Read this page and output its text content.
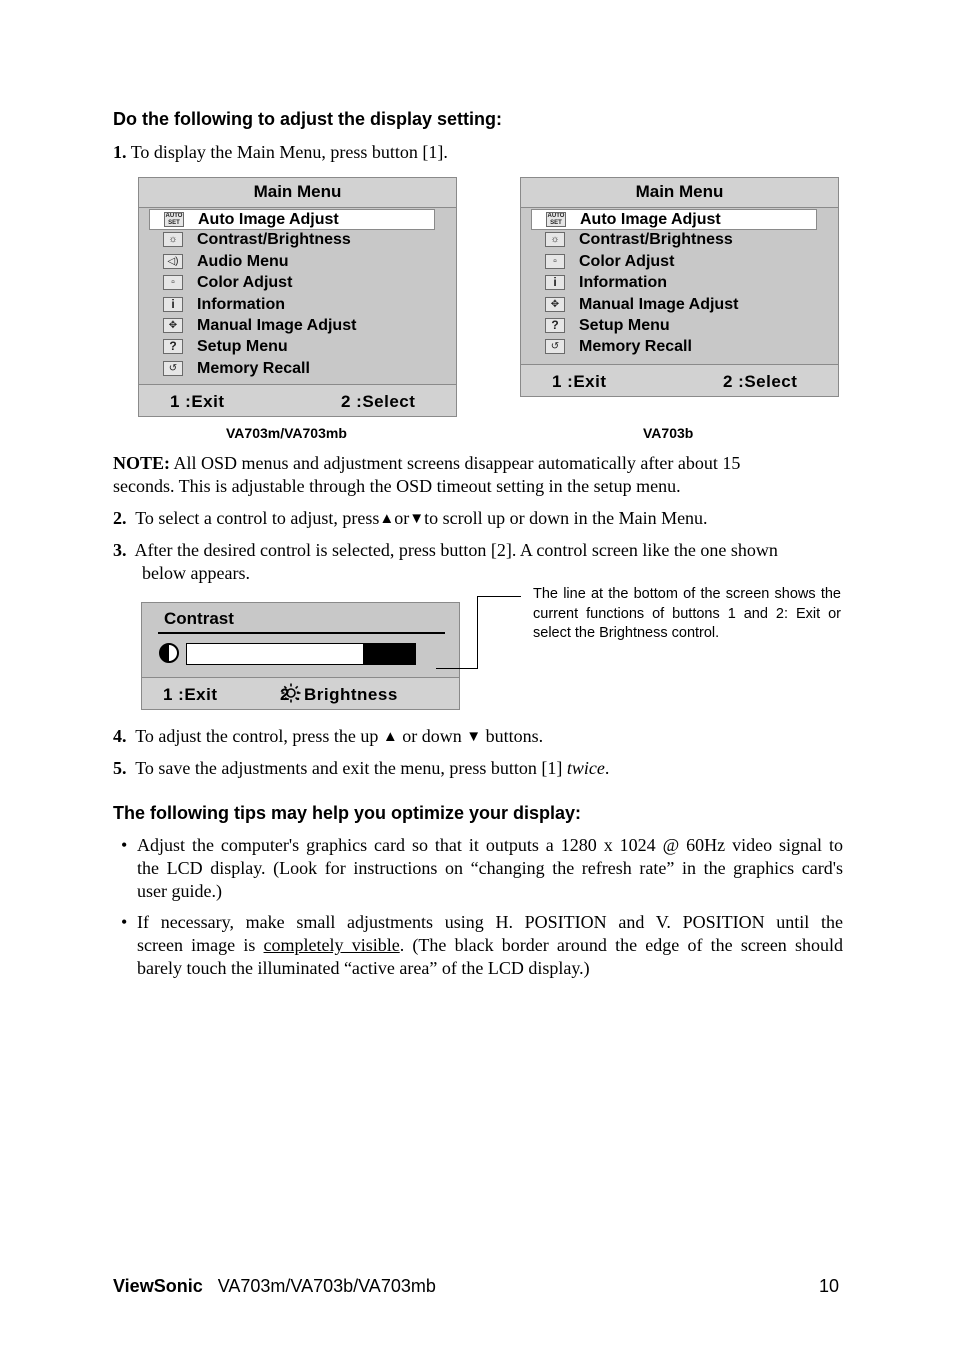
Do the following to adjust the display setting:
1. To display the Main Menu, press button [1].
Main Menu
AUTO SET Auto Image Adjust
☼	Contrast/Brightness
◁) Audio Menu
▫	Color Adjust
i	Information
✥	Manual Image Adjust
?	Setup Menu
↺	Memory Recall
1 :Exit	2 :Select
VA703m/VA703mb
Main Menu
AUTO SET Auto Image Adjust
☼	Contrast/Brightness
▫	Color Adjust
i	Information
✥	Manual Image Adjust
?	Setup Menu
↺	Memory Recall
1 :Exit	2 :Select
VA703b
NOTE: All OSD menus and adjustment screens disappear automatically after about 15
seconds. This is adjustable through the OSD timeout setting in the setup menu.
2. To select a control to adjust, press▲or▼to scroll up or down in the Main Menu.
3. After the desired control is selected, press button [2]. A control screen like the one shown
below appears.
Contrast
1 :Exit	2 : Brightness
The line at the bottom of the screen shows the current functions of buttons 1 and 2: Exit or select the Brightness control.
4. To adjust the control, press the up ▲ or down ▼ buttons.
5. To save the adjustments and exit the menu, press button [1] twice.
The following tips may help you optimize your display:
• Adjust the computer's graphics card so that it outputs a 1280 x 1024 @ 60Hz video signal to
the LCD display. (Look for instructions on “changing the refresh rate” in the graphics card's
user guide.)
• If necessary, make small adjustments using H. POSITION and V. POSITION until the
screen image is completely visible. (The black border around the edge of the screen should
barely touch the illuminated “active area” of the LCD display.)
ViewSonic VA703m/VA703b/VA703mb	10
